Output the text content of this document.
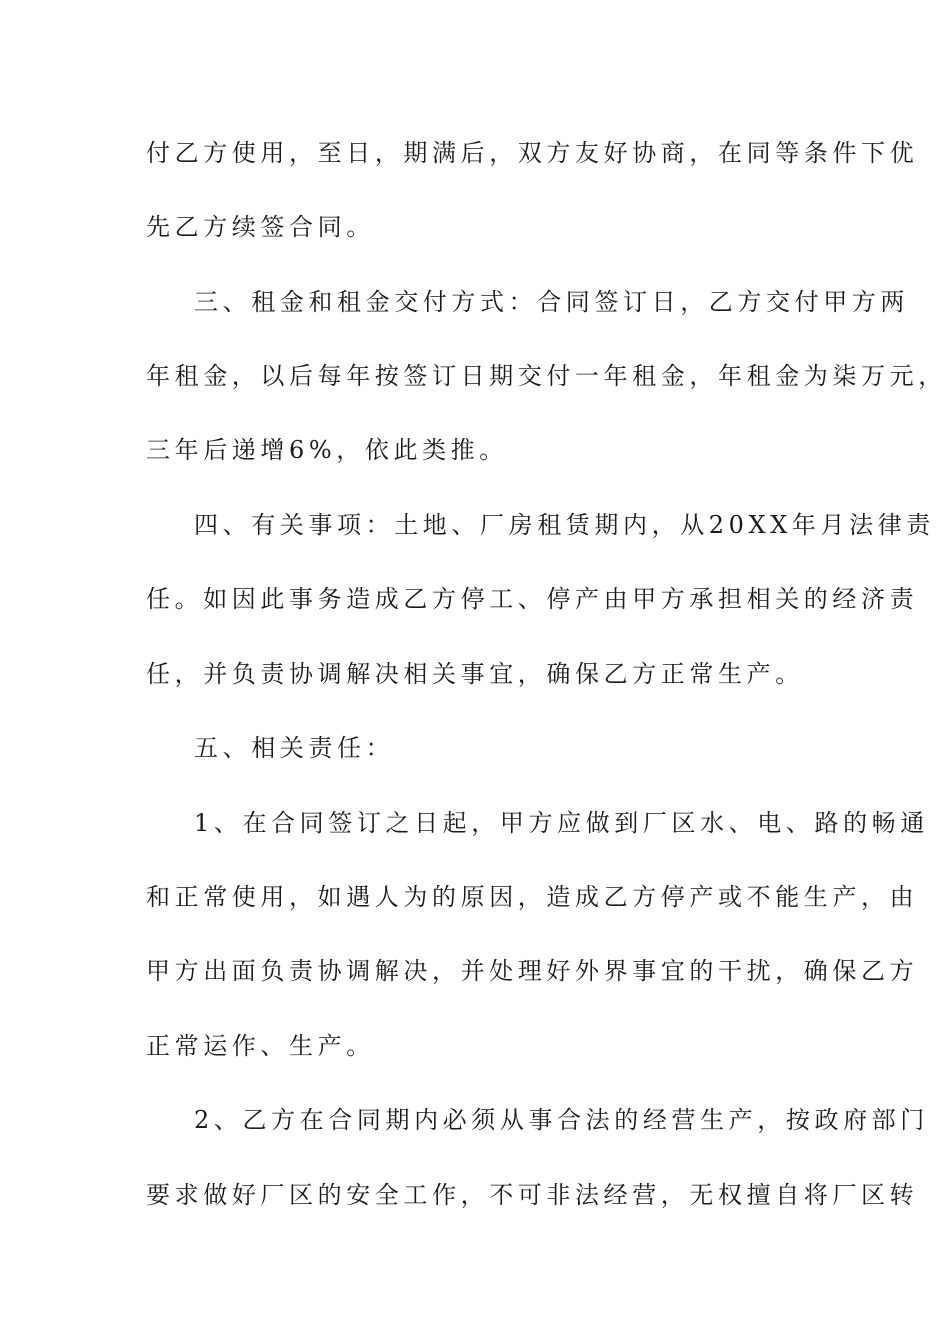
付乙方使用，至日，期满后，双方友好协商，在同等条件下优
先乙方续签合同。
三、租金和租金交付方式：合同签订日，乙方交付甲方两
年租金，以后每年按签订日期交付一年租金，年租金为柒万元，
三年后递增6%，依此类推。
四、有关事项：土地、厂房租赁期内，从20XX年月法律责
任。如因此事务造成乙方停工、停产由甲方承担相关的经济责
任，并负责协调解决相关事宜，确保乙方正常生产。
五、相关责任：
1、在合同签订之日起，甲方应做到厂区水、电、路的畅通
和正常使用，如遇人为的原因，造成乙方停产或不能生产，由
甲方出面负责协调解决，并处理好外界事宜的干扰，确保乙方
正常运作、生产。
2、乙方在合同期内必须从事合法的经营生产，按政府部门
要求做好厂区的安全工作，不可非法经营，无权擅自将厂区转
